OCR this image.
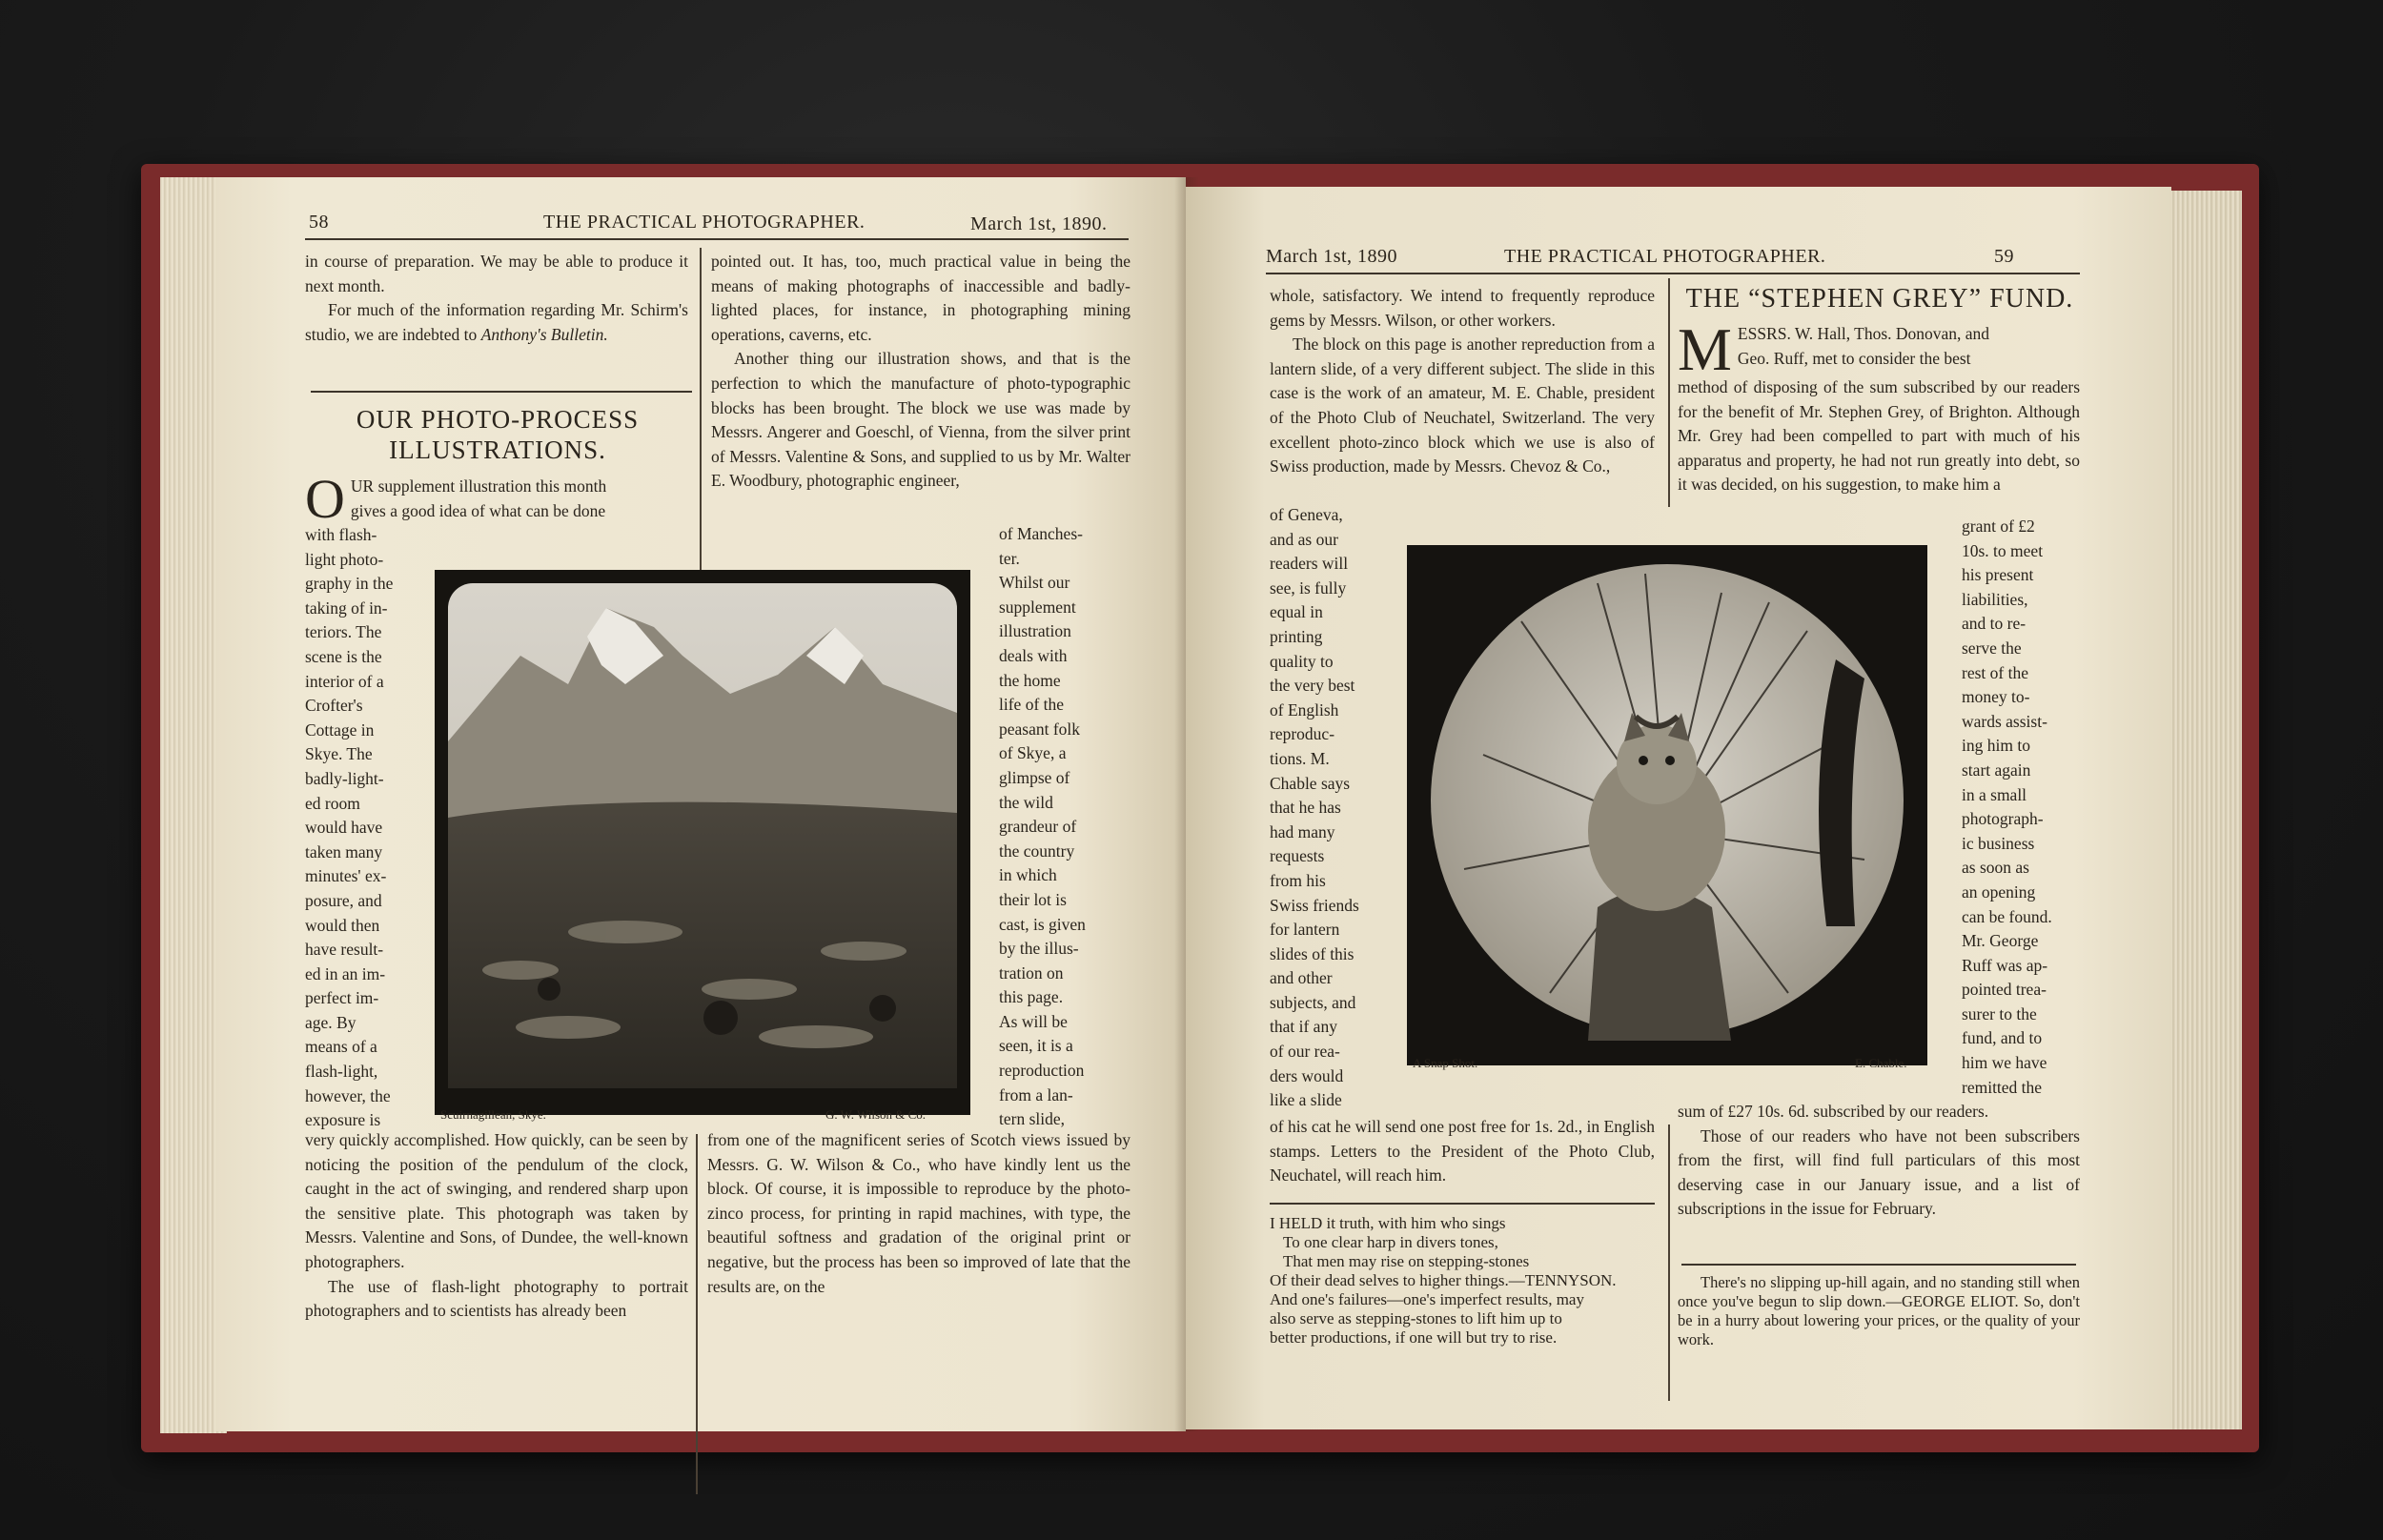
58	THE PRACTICAL PHOTOGRAPHER.	March 1st, 1890.

in course of preparation. We may be able to produce it next month.

For much of the information regarding Mr. Schirm's studio, we are indebted to Anthony's Bulletin.

OUR PHOTO-PROCESS
ILLUSTRATIONS.
O UR supplement illustration this month
gives a good idea of what can be done
with flash-
light photo-
graphy in the
taking of in-
teriors. The
scene is the
interior of a
Crofter's
Cottage in
Skye. The
badly-light-
ed room
would have
taken many
minutes' ex-
posure, and
would then
have result-
ed in an im-
perfect im-
age. By
means of a
flash-light,
however, the
exposure is	Scuirnagillean, Skye.	G. W. Wilson & Co.

very quickly accomplished. How quickly, can be seen by noticing the position of the pendulum of the clock, caught in the act of swinging, and rendered sharp upon the sensitive plate. This photograph was taken by Messrs. Valentine and Sons, of Dundee, the well-known photographers.

The use of flash-light photography to portrait photographers and to scientists has already been

pointed out. It has, too, much practical value in being the means of making photographs of inaccessible and badly-lighted places, for instance, in photographing mining operations, caverns, etc.

Another thing our illustration shows, and that is the perfection to which the manufacture of photo-typographic blocks has been brought. The block we use was made by Messrs. Angerer and Goeschl, of Vienna, from the silver print of Messrs. Valentine & Sons, and supplied to us by Mr. Walter E. Woodbury, photographic engineer,

of Manches-
ter.
Whilst our
supplement
illustration
deals with
the home
life of the
peasant folk
of Skye, a
glimpse of
the wild
grandeur of
the country
in which
their lot is
cast, is given
by the illus-
tration on
this page.
As will be
seen, it is a
reproduction
from a lan-
tern slide,

from one of the magnificent series of Scotch views issued by Messrs. G. W. Wilson & Co., who have kindly lent us the block. Of course, it is impossible to reproduce by the photo-zinco process, for printing in rapid machines, with type, the beautiful softness and gradation of the original print or negative, but the process has been so improved of late that the results are, on the

March 1st, 1890	THE PRACTICAL PHOTOGRAPHER.	59

whole, satisfactory. We intend to frequently reproduce gems by Messrs. Wilson, or other workers.

The block on this page is another repreduction from a lantern slide, of a very different subject. The slide in this case is the work of an amateur, M. E. Chable, president of the Photo Club of Neuchatel, Switzerland. The very excellent photo-zinco block which we use is also of Swiss production, made by Messrs. Chevoz & Co.,

of Geneva,
and as our
readers will
see, is fully
equal in
printing
quality to
the very best
of English
reproduc-
tions. M.
Chable says
that he has
had many
requests
from his
Swiss friends
for lantern
slides of this
and other
subjects, and
that if any
of our rea-
ders would
like a slide
A Snap Shot.	E. Chable.

of his cat he will send one post free for 1s. 2d., in English stamps. Letters to the President of the Photo Club, Neuchatel, will reach him.

I HELD it truth, with him who sings
To one clear harp in divers tones,
That men may rise on stepping-stones
Of their dead selves to higher things.—TENNYSON.
And one's failures—one's imperfect results, may
also serve as stepping-stones to lift him up to
better productions, if one will but try to rise.
THE “STEPHEN GREY” FUND.
M ESSRS. W. Hall, Thos. Donovan, and
Geo. Ruff, met to consider the best
method of disposing of the sum subscribed by our readers for the benefit of Mr. Stephen Grey, of Brighton. Although Mr. Grey had been compelled to part with much of his apparatus and property, he had not run greatly into debt, so it was decided, on his suggestion, to make him a
grant of £2
10s. to meet
his present
liabilities,
and to re-
serve the
rest of the
money to-
wards assist-
ing him to
start again
in a small
photograph-
ic business
as soon as
an opening
can be found.
Mr. George
Ruff was ap-
pointed trea-
surer to the
fund, and to
him we have
remitted the

sum of £27 10s. 6d. subscribed by our readers.

Those of our readers who have not been subscribers from the first, will find full particulars of this most deserving case in our January issue, and a list of subscriptions in the issue for February.

There's no slipping up-hill again, and no standing still when once you've begun to slip down.—GEORGE ELIOT. So, don't be in a hurry about lowering your prices, or the quality of your work.
